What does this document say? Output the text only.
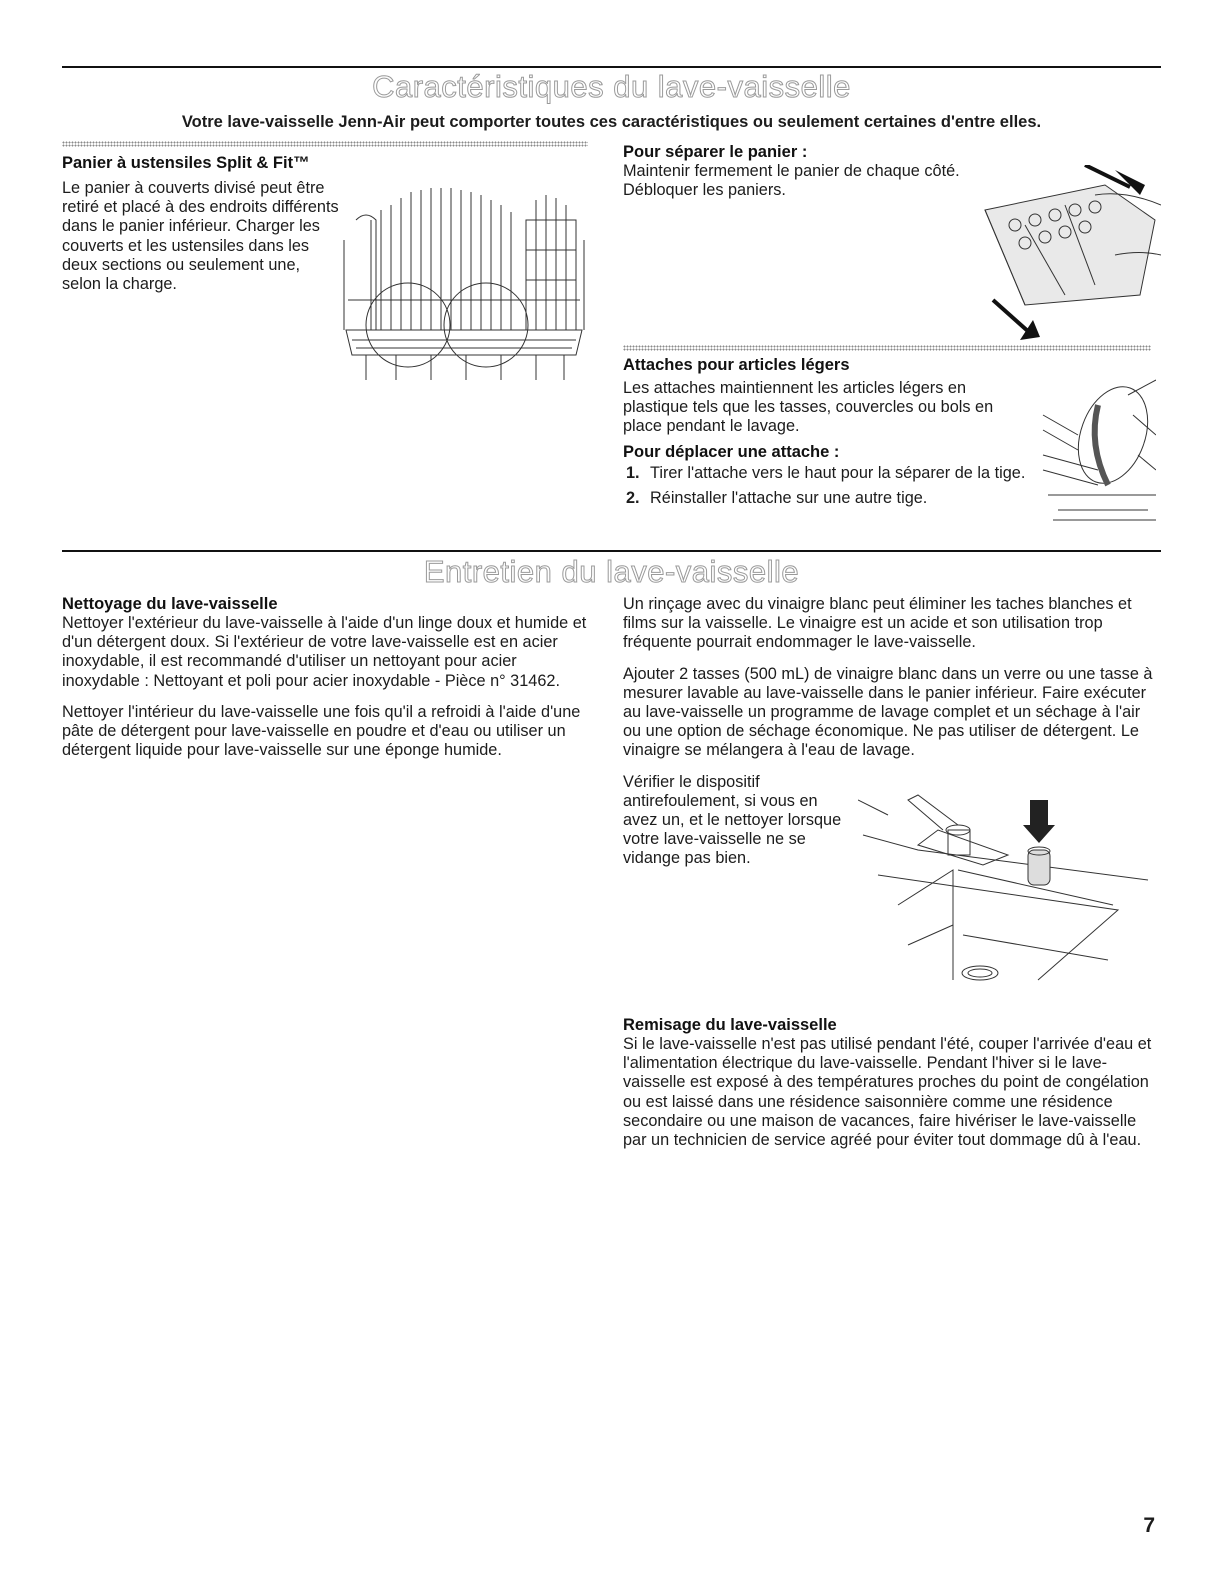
Caractéristiques du lave-vaisselle

Votre lave-vaisselle Jenn-Air peut comporter toutes ces caractéristiques ou seulement certaines d'entre elles.

Panier à ustensiles Split & Fit™

Le panier à couverts divisé peut être retiré et placé à des endroits différents dans le panier inférieur. Charger les couverts et les ustensiles dans les deux sections ou seulement une, selon la charge.

Pour séparer le panier :

Maintenir fermement le panier de chaque côté. Débloquer les paniers.

Attaches pour articles légers

Les attaches maintiennent les articles légers en plastique tels que les tasses, couvercles ou bols en place pendant le lavage.

Pour déplacer une attache :
1. Tirer l'attache vers le haut pour la séparer de la tige.
2. Réinstaller l'attache sur une autre tige.
Entretien du lave-vaisselle
Nettoyage du lave-vaisselle

Nettoyer l'extérieur du lave-vaisselle à l'aide d'un linge doux et humide et d'un détergent doux. Si l'extérieur de votre lave-vaisselle est en acier inoxydable, il est recommandé d'utiliser un nettoyant pour acier inoxydable : Nettoyant et poli pour acier inoxydable - Pièce n° 31462.

Nettoyer l'intérieur du lave-vaisselle une fois qu'il a refroidi à l'aide d'une pâte de détergent pour lave-vaisselle en poudre et d'eau ou utiliser un détergent liquide pour lave-vaisselle sur une éponge humide.

Un rinçage avec du vinaigre blanc peut éliminer les taches blanches et films sur la vaisselle. Le vinaigre est un acide et son utilisation trop fréquente pourrait endommager le lave-vaisselle.

Ajouter 2 tasses (500 mL) de vinaigre blanc dans un verre ou une tasse à mesurer lavable au lave-vaisselle dans le panier inférieur. Faire exécuter au lave-vaisselle un programme de lavage complet et un séchage à l'air ou une option de séchage économique. Ne pas utiliser de détergent. Le vinaigre se mélangera à l'eau de lavage.

Vérifier le dispositif antirefoulement, si vous en avez un, et le nettoyer lorsque votre lave-vaisselle ne se vidange pas bien.

Remisage du lave-vaisselle

Si le lave-vaisselle n'est pas utilisé pendant l'été, couper l'arrivée d'eau et l'alimentation électrique du lave-vaisselle. Pendant l'hiver si le lave-vaisselle est exposé à des températures proches du point de congélation ou est laissé dans une résidence saisonnière comme une résidence secondaire ou une maison de vacances, faire hivériser le lave-vaisselle par un technicien de service agréé pour éviter tout dommage dû à l'eau.

7
